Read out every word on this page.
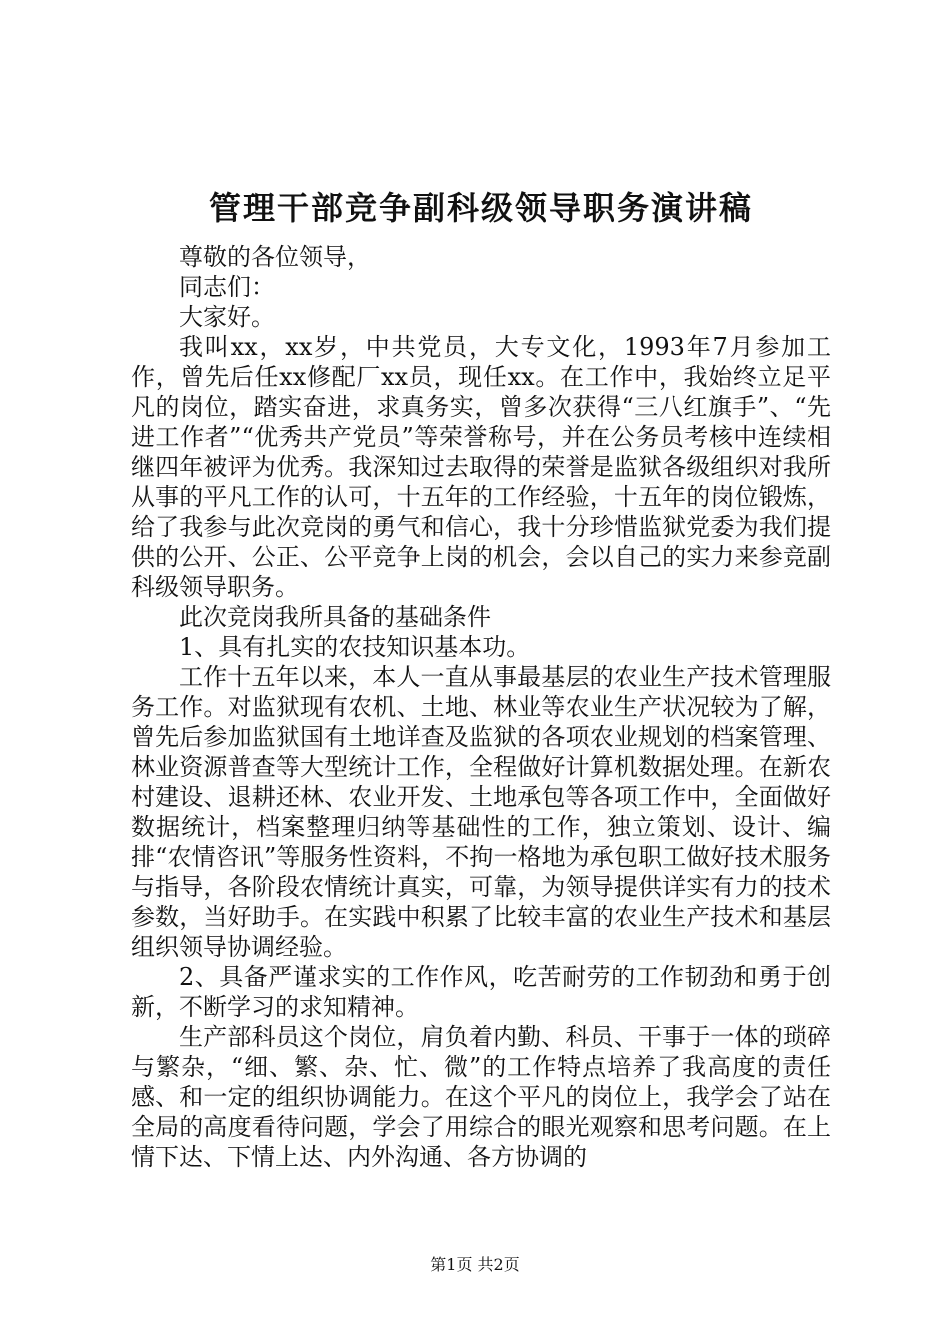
管理干部竞争副科级领导职务演讲稿

尊敬的各位领导，

同志们：

大家好。

我叫xx，xx岁，中共党员，大专文化，1993年7月参加工作，曾先后任xx修配厂xx员，现任xx。在工作中，我始终立足平凡的岗位，踏实奋进，求真务实，曾多次获得“三八红旗手”、“先进工作者”“优秀共产党员”等荣誉称号，并在公务员考核中连续相继四年被评为优秀。我深知过去取得的荣誉是监狱各级组织对我所从事的平凡工作的认可，十五年的工作经验，十五年的岗位锻炼，给了我参与此次竞岗的勇气和信心，我十分珍惜监狱党委为我们提供的公开、公正、公平竞争上岗的机会，会以自己的实力来参竞副科级领导职务。

此次竞岗我所具备的基础条件

1、具有扎实的农技知识基本功。

工作十五年以来，本人一直从事最基层的农业生产技术管理服务工作。对监狱现有农机、土地、林业等农业生产状况较为了解，曾先后参加监狱国有土地详查及监狱的各项农业规划的档案管理、林业资源普查等大型统计工作，全程做好计算机数据处理。在新农村建设、退耕还林、农业开发、土地承包等各项工作中，全面做好数据统计，档案整理归纳等基础性的工作，独立策划、设计、编排“农情咨讯”等服务性资料，不拘一格地为承包职工做好技术服务与指导，各阶段农情统计真实，可靠，为领导提供详实有力的技术参数，当好助手。在实践中积累了比较丰富的农业生产技术和基层组织领导协调经验。

2、具备严谨求实的工作作风，吃苦耐劳的工作韧劲和勇于创新，不断学习的求知精神。

生产部科员这个岗位，肩负着内勤、科员、干事于一体的琐碎与繁杂，“细、繁、杂、忙、微”的工作特点培养了我高度的责任感、和一定的组织协调能力。在这个平凡的岗位上，我学会了站在全局的高度看待问题，学会了用综合的眼光观察和思考问题。在上情下达、下情上达、内外沟通、各方协调的

第1页 共2页
